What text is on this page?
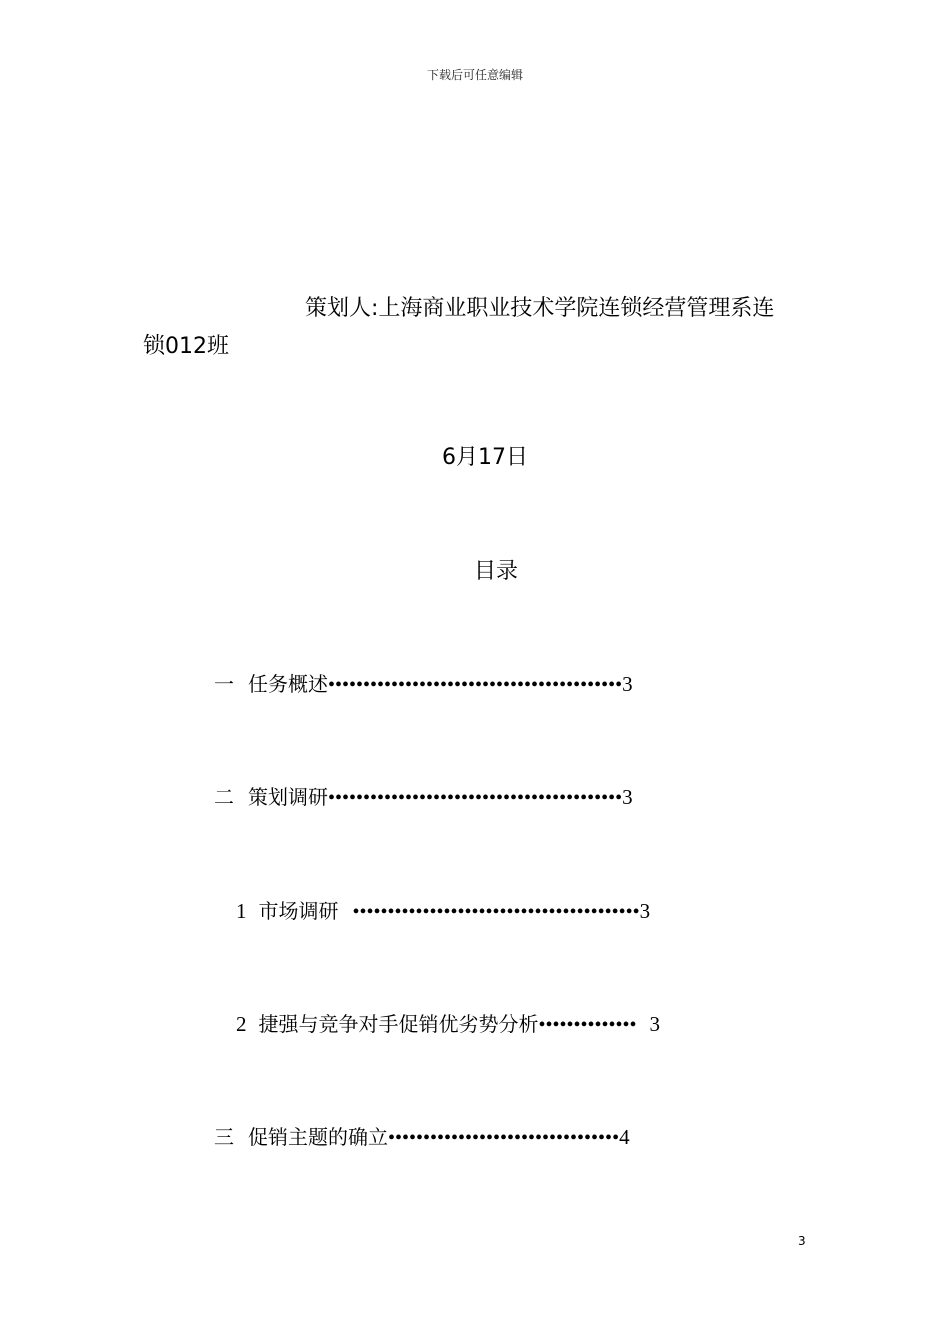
下载后可任意编辑
策划人:上海商业职业技术学院连锁经营管理系连
锁012班
6月17日
目录
一 任务概述 •••••••••••••••••••••••••••••••••••••••••• 3
二 策划调研 •••••••••••••••••••••••••••••••••••••••••• 3
1 市场调研 ••••••••••••••••••••••••••••••••••••••••• 3
2 捷强与竞争对手促销优劣势分析 •••••••••••••• 3
三 促销主题的确立 ••••••••••••••••••••••••••••••••• 4
3
